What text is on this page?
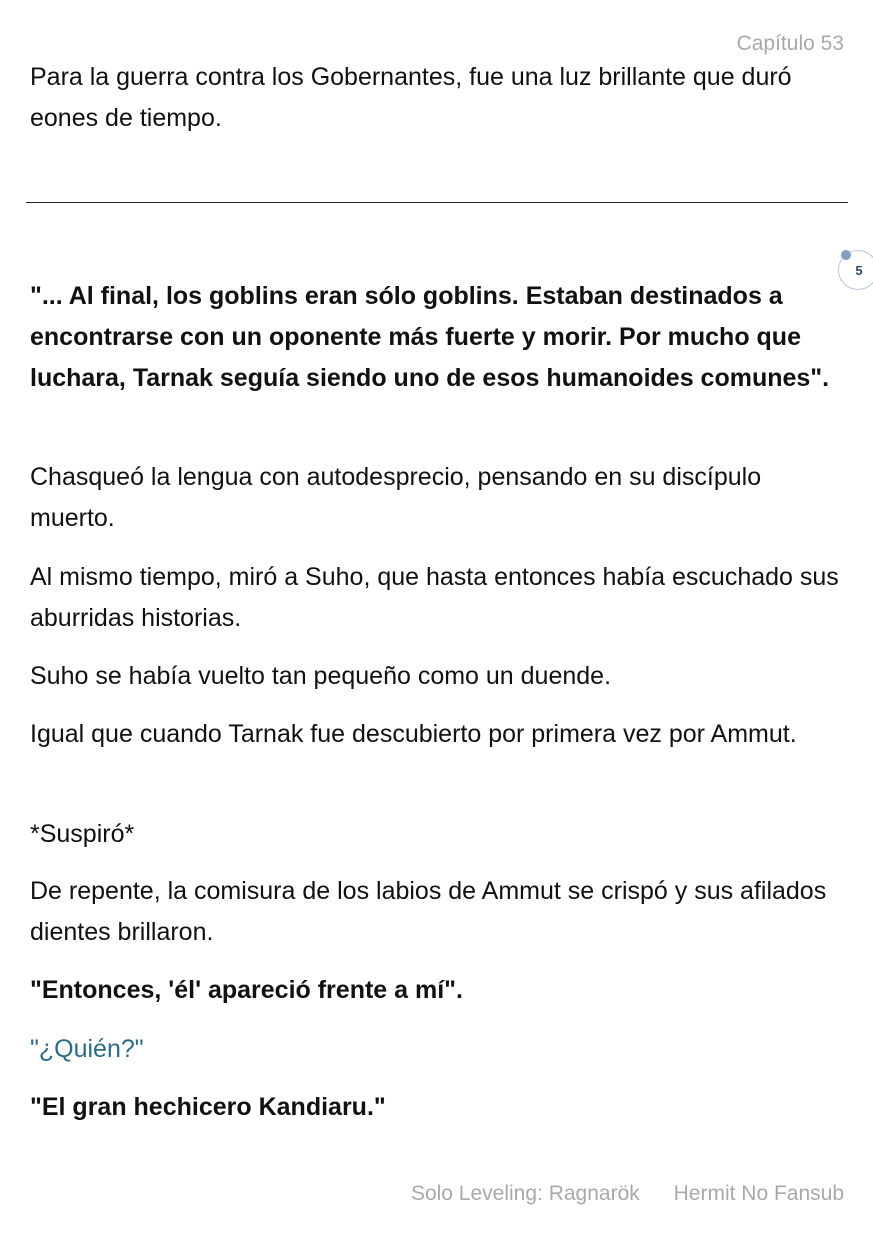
Capítulo 53

Para la guerra contra los Gobernantes, fue una luz brillante que duró eones de tiempo.

5

"... Al final, los goblins eran sólo goblins. Estaban destinados a encontrarse con un oponente más fuerte y morir. Por mucho que luchara, Tarnak seguía siendo uno de esos humanoides comunes".

Chasqueó la lengua con autodesprecio, pensando en su discípulo muerto.

Al mismo tiempo, miró a Suho, que hasta entonces había escuchado sus aburridas historias.

Suho se había vuelto tan pequeño como un duende.

Igual que cuando Tarnak fue descubierto por primera vez por Ammut.

*Suspiró*

De repente, la comisura de los labios de Ammut se crispó y sus afilados dientes brillaron.

"Entonces, 'él' apareció frente a mí".

"¿Quién?"

"El gran hechicero Kandiaru."

Solo Leveling: Ragnarök Hermit No Fansub
